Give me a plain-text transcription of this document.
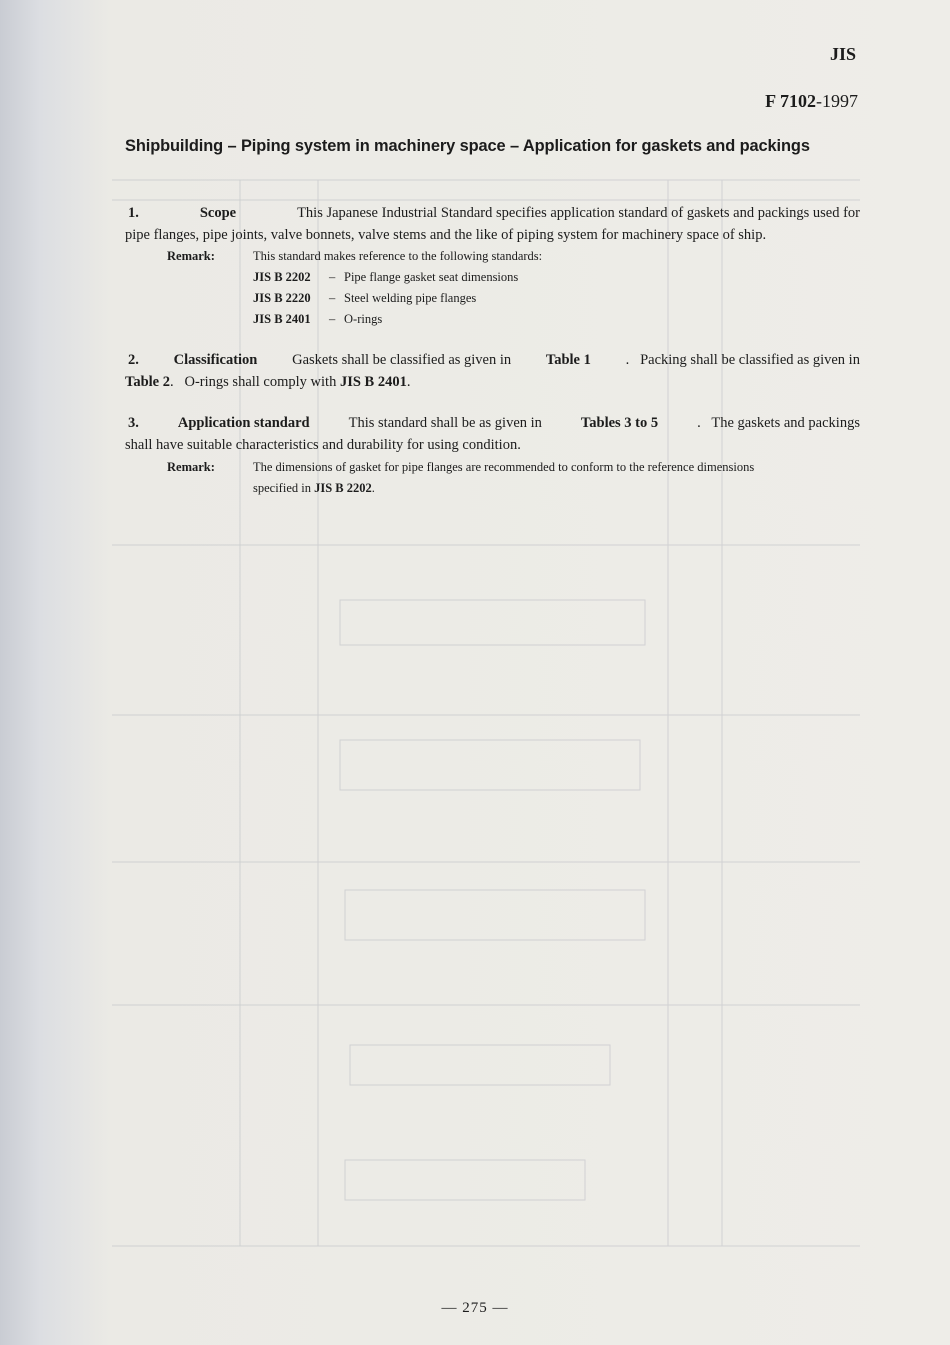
JIS
F 7102-1997
Shipbuilding – Piping system in machinery space – Application for gaskets and packings
1.	Scope	This Japanese Industrial Standard specifies application standard of gaskets and packings used for
pipe flanges, pipe joints, valve bonnets, valve stems and the like of piping system for machinery space of ship.
Remark:	This standard makes reference to the following standards:
JIS B 2202	– Pipe flange gasket seat dimensions
JIS B 2220	– Steel welding pipe flanges
JIS B 2401	– O-rings
2. Classification Gaskets shall be classified as given in Table 1 .   Packing shall be classified as given in
Table 2.   O-rings shall comply with JIS B 2401.
3.	Application standard	This standard shall be as given in	Tables 3 to 5	.   The gaskets and packings
shall have suitable characteristics and durability for using condition.
Remark:	The dimensions of gasket for pipe flanges are recommended to conform to the reference dimensions
specified in JIS B 2202.
— 275 —
